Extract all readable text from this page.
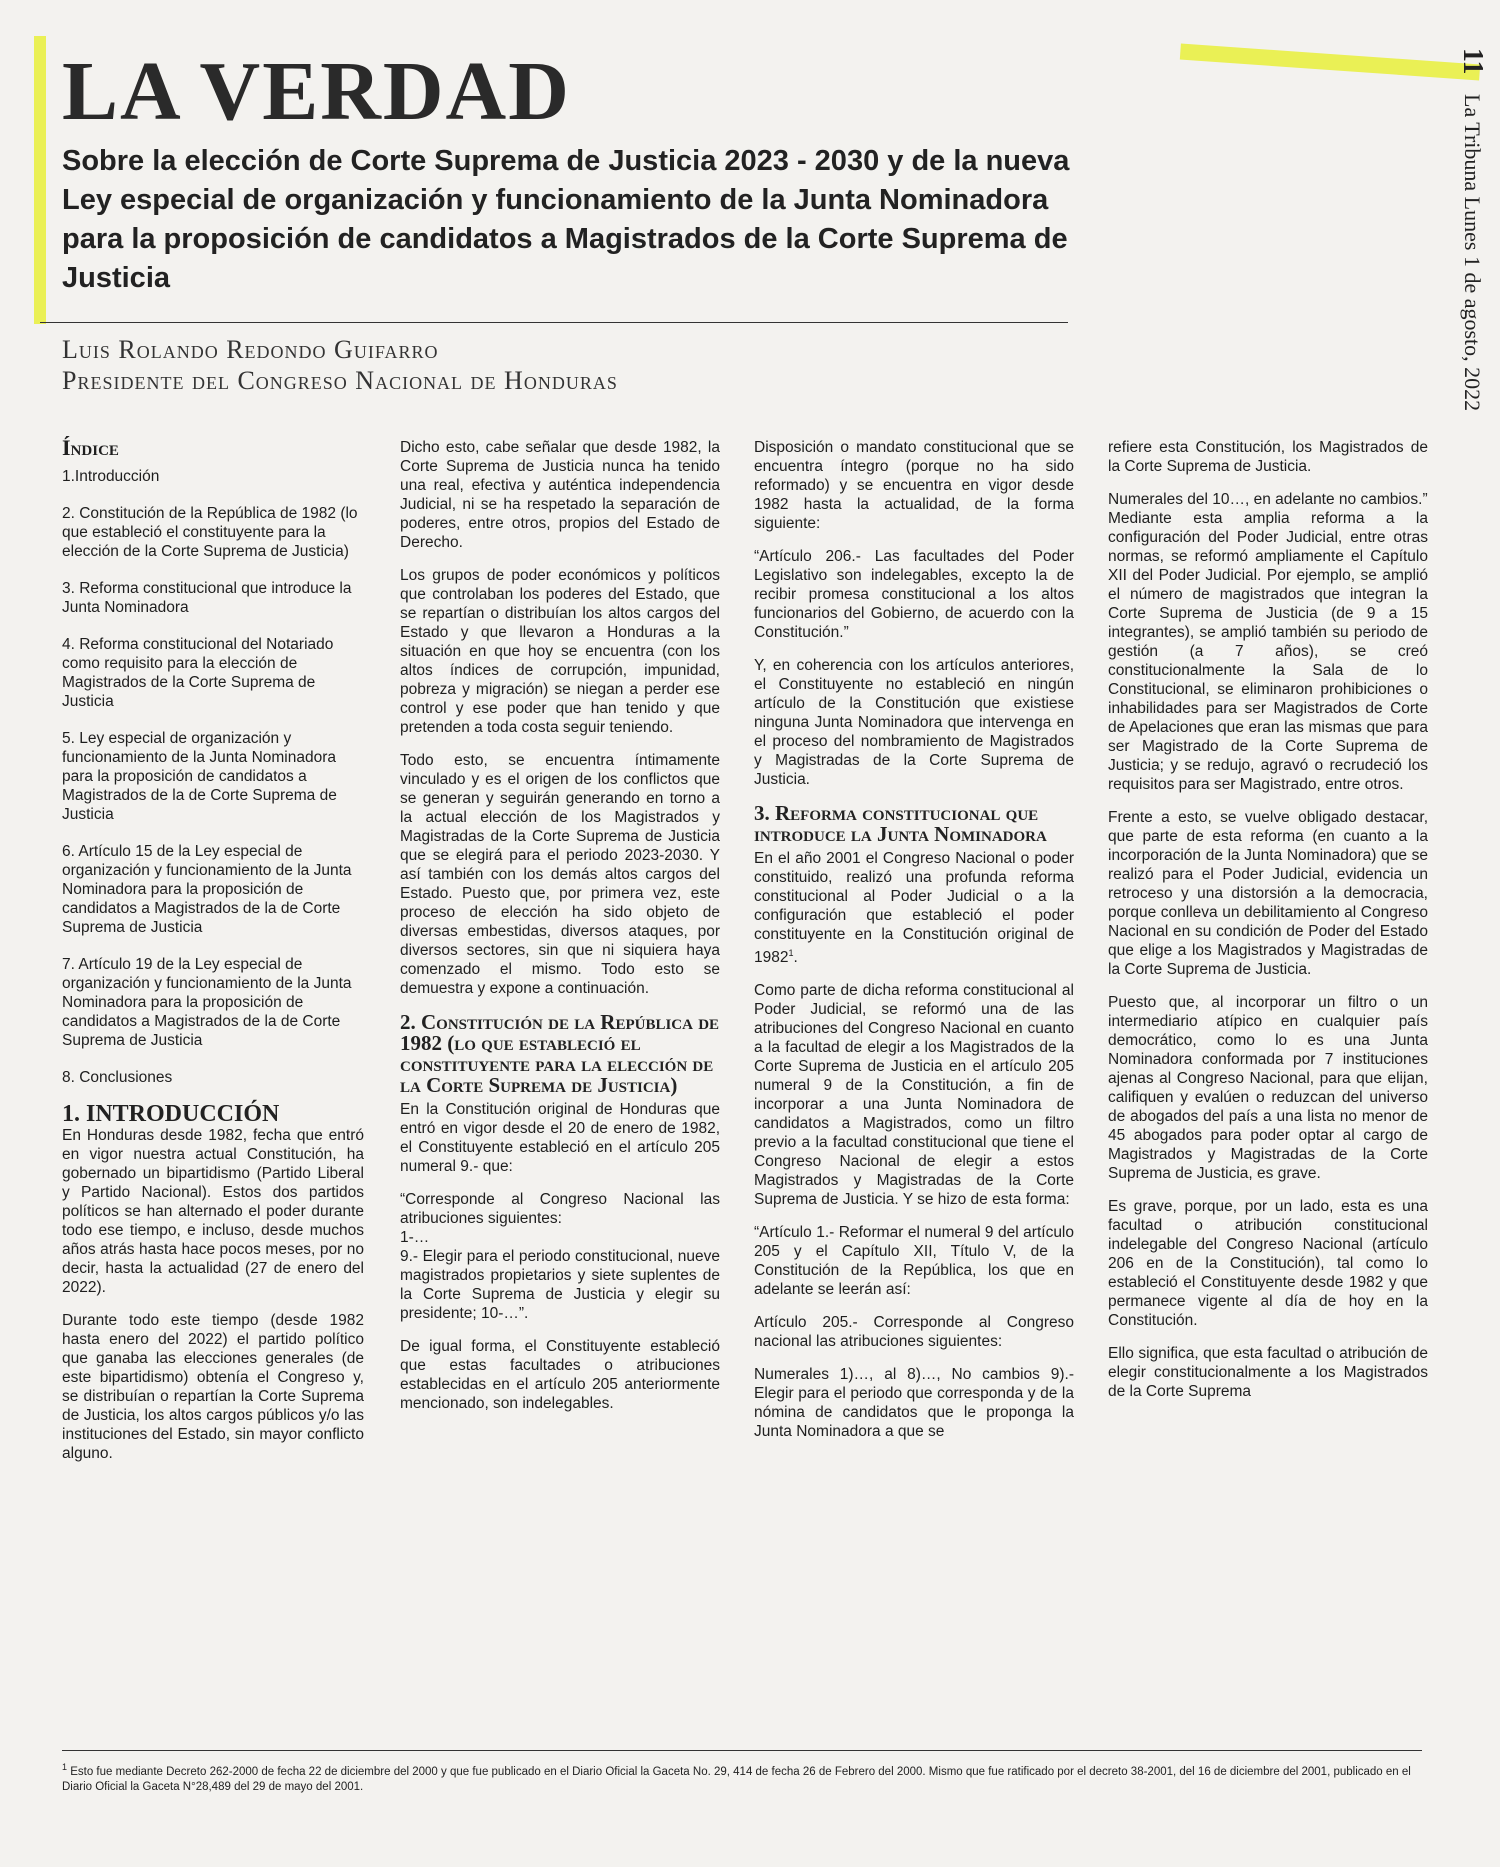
11 La Tribuna Lunes 1 de agosto, 2022
LA VERDAD
Sobre la elección de Corte Suprema de Justicia 2023 - 2030 y de la nueva Ley especial de organización y funcionamiento de la Junta Nominadora para la proposición de candidatos a Magistrados de la Corte Suprema de Justicia
Luis Rolando Redondo Guifarro
Presidente del Congreso Nacional de Honduras
Índice
1.Introducción
2. Constitución de la República de 1982 (lo que estableció el constituyente para la elección de la Corte Suprema de Justicia)
3. Reforma constitucional que introduce la Junta Nominadora
4. Reforma constitucional del Notariado como requisito para la elección de Magistrados de la Corte Suprema de Justicia
5. Ley especial de organización y funcionamiento de la Junta Nominadora para la proposición de candidatos a Magistrados de la de Corte Suprema de Justicia
6. Artículo 15 de la Ley especial de organización y funcionamiento de la Junta Nominadora para la proposición de candidatos a Magistrados de la de Corte Suprema de Justicia
7. Artículo 19 de la Ley especial de organización y funcionamiento de la Junta Nominadora para la proposición de candidatos a Magistrados de la de Corte Suprema de Justicia
8. Conclusiones
1. INTRODUCCIÓN

En Honduras desde 1982, fecha que entró en vigor nuestra actual Constitución, ha gobernado un bipartidismo (Partido Liberal y Partido Nacional). Estos dos partidos políticos se han alternado el poder durante todo ese tiempo, e incluso, desde muchos años atrás hasta hace pocos meses, por no decir, hasta la actualidad (27 de enero del 2022).

Durante todo este tiempo (desde 1982 hasta enero del 2022) el partido político que ganaba las elecciones generales (de este bipartidismo) obtenía el Congreso y, se distribuían o repartían la Corte Suprema de Justicia, los altos cargos públicos y/o las instituciones del Estado, sin mayor conflicto alguno.

Dicho esto, cabe señalar que desde 1982, la Corte Suprema de Justicia nunca ha tenido una real, efectiva y auténtica independencia Judicial, ni se ha respetado la separación de poderes, entre otros, propios del Estado de Derecho.

Los grupos de poder económicos y políticos que controlaban los poderes del Estado, que se repartían o distribuían los altos cargos del Estado y que llevaron a Honduras a la situación en que hoy se encuentra (con los altos índices de corrupción, impunidad, pobreza y migración) se niegan a perder ese control y ese poder que han tenido y que pretenden a toda costa seguir teniendo.

Todo esto, se encuentra íntimamente vinculado y es el origen de los conflictos que se generan y seguirán generando en torno a la actual elección de los Magistrados y Magistradas de la Corte Suprema de Justicia que se elegirá para el periodo 2023-2030. Y así también con los demás altos cargos del Estado. Puesto que, por primera vez, este proceso de elección ha sido objeto de diversas embestidas, diversos ataques, por diversos sectores, sin que ni siquiera haya comenzado el mismo. Todo esto se demuestra y expone a continuación.

2. Constitución de la República de 1982 (lo que estableció el constituyente para la elección de la Corte Suprema de Justicia)

En la Constitución original de Honduras que entró en vigor desde el 20 de enero de 1982, el Constituyente estableció en el artículo 205 numeral 9.- que:

“Corresponde al Congreso Nacional las atribuciones siguientes:

1-…

9.- Elegir para el periodo constitucional, nueve magistrados propietarios y siete suplentes de la Corte Suprema de Justicia y elegir su presidente; 10-…”.

De igual forma, el Constituyente estableció que estas facultades o atribuciones establecidas en el artículo 205 anteriormente mencionado, son indelegables.

Disposición o mandato constitucional que se encuentra íntegro (porque no ha sido reformado) y se encuentra en vigor desde 1982 hasta la actualidad, de la forma siguiente:

“Artículo 206.- Las facultades del Poder Legislativo son indelegables, excepto la de recibir promesa constitucional a los altos funcionarios del Gobierno, de acuerdo con la Constitución.”

Y, en coherencia con los artículos anteriores, el Constituyente no estableció en ningún artículo de la Constitución que existiese ninguna Junta Nominadora que intervenga en el proceso del nombramiento de Magistrados y Magistradas de la Corte Suprema de Justicia.

3. Reforma constitucional que introduce la Junta Nominadora

En el año 2001 el Congreso Nacional o poder constituido, realizó una profunda reforma constitucional al Poder Judicial o a la configuración que estableció el poder constituyente en la Constitución original de 1982$^1$.

Como parte de dicha reforma constitucional al Poder Judicial, se reformó una de las atribuciones del Congreso Nacional en cuanto a la facultad de elegir a los Magistrados de la Corte Suprema de Justicia en el artículo 205 numeral 9 de la Constitución, a fin de incorporar a una Junta Nominadora de candidatos a Magistrados, como un filtro previo a la facultad constitucional que tiene el Congreso Nacional de elegir a estos Magistrados y Magistradas de la Corte Suprema de Justicia. Y se hizo de esta forma:

“Artículo 1.- Reformar el numeral 9 del artículo 205 y el Capítulo XII, Título V, de la Constitución de la República, los que en adelante se leerán así:

Artículo 205.- Corresponde al Congreso nacional las atribuciones siguientes:

Numerales 1)…, al 8)…, No cambios 9).- Elegir para el periodo que corresponda y de la nómina de candidatos que le proponga la Junta Nominadora a que se

refiere esta Constitución, los Magistrados de la Corte Suprema de Justicia.

Numerales del 10…, en adelante no cambios.”

Mediante esta amplia reforma a la configuración del Poder Judicial, entre otras normas, se reformó ampliamente el Capítulo XII del Poder Judicial. Por ejemplo, se amplió el número de magistrados que integran la Corte Suprema de Justicia (de 9 a 15 integrantes), se amplió también su periodo de gestión (a 7 años), se creó constitucionalmente la Sala de lo Constitucional, se eliminaron prohibiciones o inhabilidades para ser Magistrados de Corte de Apelaciones que eran las mismas que para ser Magistrado de la Corte Suprema de Justicia; y se redujo, agravó o recrudeció los requisitos para ser Magistrado, entre otros.

Frente a esto, se vuelve obligado destacar, que parte de esta reforma (en cuanto a la incorporación de la Junta Nominadora) que se realizó para el Poder Judicial, evidencia un retroceso y una distorsión a la democracia, porque conlleva un debilitamiento al Congreso Nacional en su condición de Poder del Estado que elige a los Magistrados y Magistradas de la Corte Suprema de Justicia.

Puesto que, al incorporar un filtro o un intermediario atípico en cualquier país democrático, como lo es una Junta Nominadora conformada por 7 instituciones ajenas al Congreso Nacional, para que elijan, califiquen y evalúen o reduzcan del universo de abogados del país a una lista no menor de 45 abogados para poder optar al cargo de Magistrados y Magistradas de la Corte Suprema de Justicia, es grave.

Es grave, porque, por un lado, esta es una facultad o atribución constitucional indelegable del Congreso Nacional (artículo 206 en de la Constitución), tal como lo estableció el Constituyente desde 1982 y que permanece vigente al día de hoy en la Constitución.

Ello significa, que esta facultad o atribución de elegir constitucionalmente a los Magistrados de la Corte Suprema

$^1$ Esto fue mediante Decreto 262-2000 de fecha 22 de diciembre del 2000 y que fue publicado en el Diario Oficial la Gaceta No. 29, 414 de fecha 26 de Febrero del 2000. Mismo que fue ratificado por el decreto 38-2001, del 16 de diciembre del 2001, publicado en el Diario Oficial la Gaceta N°28,489 del 29 de mayo del 2001.
